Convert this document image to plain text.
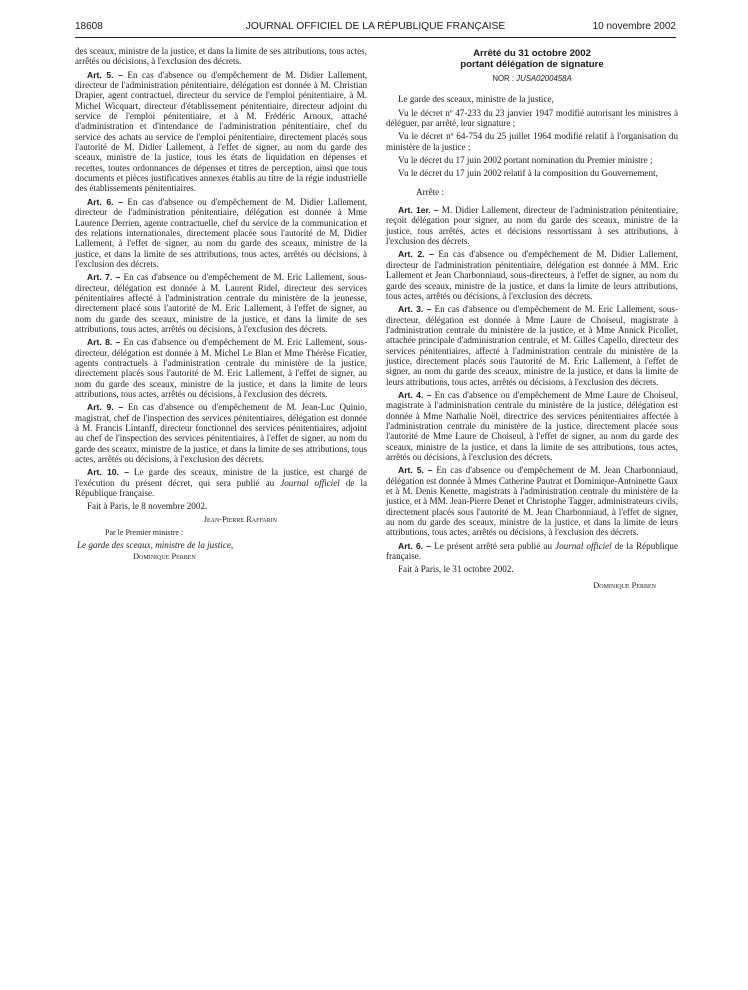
18608	JOURNAL OFFICIEL DE LA RÉPUBLIQUE FRANÇAISE	10 novembre 2002

des sceaux, ministre de la justice, et dans la limite de ses attributions, tous actes, arrêtés ou décisions, à l'exclusion des décrets.

Art. 5. – En cas d'absence ou d'empêchement de M. Didier Lallement, directeur de l'administration pénitentiaire, délégation est donnée à M. Christian Drapier, agent contractuel, directeur du service de l'emploi pénitentiaire, à M. Michel Wicquart, directeur d'établissement pénitentiaire, directeur adjoint du service de l'emploi pénitentiaire, et à M. Frédéric Arnoux, attaché d'administration et d'intendance de l'administration pénitentiaire, chef du service des achats au service de l'emploi pénitentiaire, directement placés sous l'autorité de M. Didier Lallement, à l'effet de signer, au nom du garde des sceaux, ministre de la justice, tous les états de liquidation en dépenses et recettes, toutes ordonnances de dépenses et titres de perception, ainsi que tous documents et pièces justificatives annexes établis au titre de la régie industrielle des établissements pénitentiaires.

Art. 6. – En cas d'absence ou d'empêchement de M. Didier Lallement, directeur de l'administration pénitentiaire, délégation est donnée à Mme Laurence Derrien, agente contractuelle, chef du service de la communication et des relations internationales, directement placée sous l'autorité de M. Didier Lallement, à l'effet de signer, au nom du garde des sceaux, ministre de la justice, et dans la limite de ses attributions, tous actes, arrêtés ou décisions, à l'exclusion des décrets.

Art. 7. – En cas d'absence ou d'empêchement de M. Eric Lallement, sous-directeur, délégation est donnée à M. Laurent Ridel, directeur des services pénitentiaires affecté à l'administration centrale du ministère de la jeunesse, directement placé sous l'autorité de M. Eric Lallement, à l'effet de signer, au nom du garde des sceaux, ministre de la justice, et dans la limite de ses attributions, tous actes, arrêtés ou décisions, à l'exclusion des décrets.

Art. 8. – En cas d'absence ou d'empêchement de M. Eric Lallement, sous-directeur, délégation est donnée à M. Michel Le Blan et Mme Thérèse Ficatier, agents contractuels à l'administration centrale du ministère de la justice, directement placés sous l'autorité de M. Eric Lallement, à l'effet de signer, au nom du garde des sceaux, ministre de la justice, et dans la limite de leurs attributions, tous actes, arrêtés ou décisions, à l'exclusion des décrets.

Art. 9. – En cas d'absence ou d'empêchement de M. Jean-Luc Quinio, magistrat, chef de l'inspection des services pénitentiaires, délégation est donnée à M. Francis Lintanff, directeur fonctionnel des services pénitentiaires, adjoint au chef de l'inspection des services pénitentiaires, à l'effet de signer, au nom du garde des sceaux, ministre de la justice, et dans la limite de ses attributions, tous actes, arrêtés ou décisions, à l'exclusion des décrets.

Art. 10. – Le garde des sceaux, ministre de la justice, est chargé de l'exécution du présent décret, qui sera publié au Journal officiel de la République française.

Fait à Paris, le 8 novembre 2002.

Jean-Pierre Raffarin

Par le Premier ministre :

Le garde des sceaux, ministre de la justice,

Dominique Perben

Arrêté du 31 octobre 2002
portant délégation de signature
NOR : JUSA0200458A

Le garde des sceaux, ministre de la justice,

Vu le décret nº 47-233 du 23 janvier 1947 modifié autorisant les ministres à déléguer, par arrêté, leur signature ;

Vu le décret nº 64-754 du 25 juillet 1964 modifié relatif à l'organisation du ministère de la justice ;

Vu le décret du 17 juin 2002 portant nomination du Premier ministre ;

Vu le décret du 17 juin 2002 relatif à la composition du Gouvernement,

Arrête :

Art. 1er. – M. Didier Lallement, directeur de l'administration pénitentiaire, reçoit délégation pour signer, au nom du garde des sceaux, ministre de la justice, tous arrêtés, actes et décisions ressortissant à ses attributions, à l'exclusion des décrets.

Art. 2. – En cas d'absence ou d'empêchement de M. Didier Lallement, directeur de l'administration pénitentiaire, délégation est donnée à MM. Eric Lallement et Jean Charbonniaud, sous-directeurs, à l'effet de signer, au nom du garde des sceaux, ministre de la justice, et dans la limite de leurs attributions, tous actes, arrêtés ou décisions, à l'exclusion des décrets.

Art. 3. – En cas d'absence ou d'empêchement de M. Eric Lallement, sous-directeur, délégation est donnée à Mme Laure de Choiseul, magistrate à l'administration centrale du ministère de la justice, et à Mme Annick Picollet, attachée principale d'administration centrale, et M. Gilles Capello, directeur des services pénitentiaires, affecté à l'administration centrale du ministère de la justice, directement placés sous l'autorité de M. Eric Lallement, à l'effet de signer, au nom du garde des sceaux, ministre de la justice, et dans la limite de leurs attributions, tous actes, arrêtés ou décisions, à l'exclusion des décrets.

Art. 4. – En cas d'absence ou d'empêchement de Mme Laure de Choiseul, magistrate à l'administration centrale du ministère de la justice, délégation est donnée à Mme Nathalie Noël, directrice des services pénitentiaires affectée à l'administration centrale du ministère de la justice, directement placée sous l'autorité de Mme Laure de Choiseul, à l'effet de signer, au nom du garde des sceaux, ministre de la justice, et dans la limite de ses attributions, tous actes, arrêtés ou décisions, à l'exclusion des décrets.

Art. 5. – En cas d'absence ou d'empêchement de M. Jean Charbonniaud, délégation est donnée à Mmes Catherine Pautrat et Dominique-Antoinette Gaux et à M. Denis Kenette, magistrats à l'administration centrale du ministère de la justice, et à MM. Jean-Pierre Denet et Christophe Tagger, administrateurs civils, directement placés sous l'autorité de M. Jean Charbonniaud, à l'effet de signer, au nom du garde des sceaux, ministre de la justice, et dans la limite de leurs attributions, tous actes, arrêtés ou décisions, à l'exclusion des décrets.

Art. 6. – Le présent arrêté sera publié au Journal officiel de la République française.

Fait à Paris, le 31 octobre 2002.

Dominique Perben
